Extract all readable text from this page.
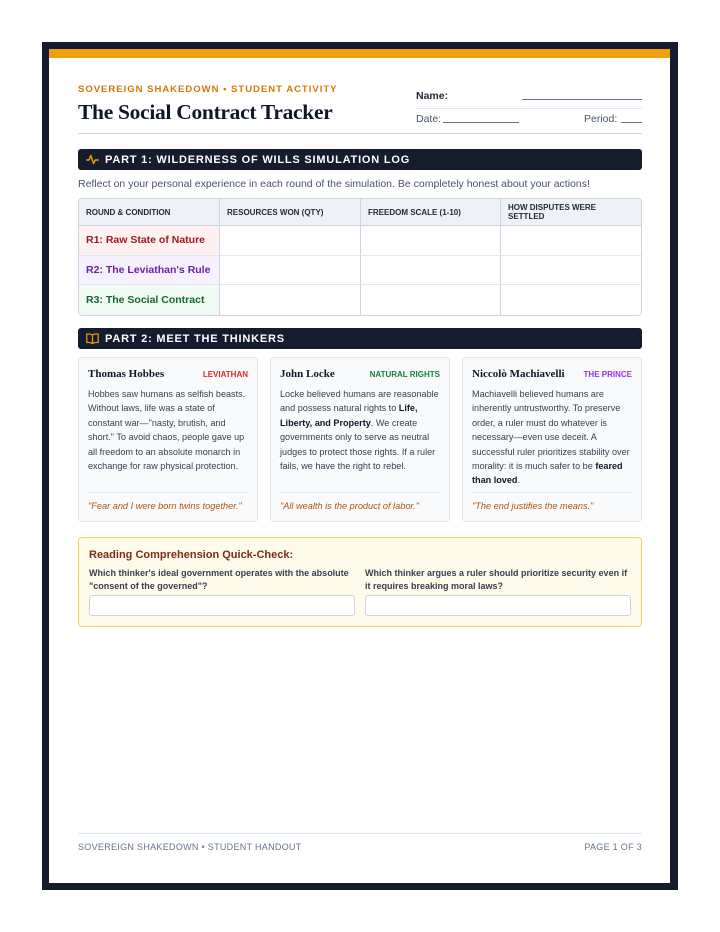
SOVEREIGN SHAKEDOWN • STUDENT ACTIVITY
The Social Contract Tracker
Name:
Date:	Period:
PART 1: WILDERNESS OF WILLS SIMULATION LOG
Reflect on your personal experience in each round of the simulation. Be completely honest about your actions!
ROUND & CONDITION	RESOURCES WON (QTY)	FREEDOM SCALE (1-10)	HOW DISPUTES WERE SETTLED
R1: Raw State of Nature			
R2: The Leviathan's Rule			
R3: The Social Contract			
PART 2: MEET THE THINKERS
Thomas Hobbes	LEVIATHAN
Hobbes saw humans as selfish beasts. Without laws, life was a state of constant war—"nasty, brutish, and short." To avoid chaos, people gave up all freedom to an absolute monarch in exchange for raw physical protection.
"Fear and I were born twins together."
John Locke	NATURAL RIGHTS
Locke believed humans are reasonable and possess natural rights to Life, Liberty, and Property. We create governments only to serve as neutral judges to protect those rights. If a ruler fails, we have the right to rebel.
"All wealth is the product of labor."
Niccolò Machiavelli THE PRINCE
Machiavelli believed humans are inherently untrustworthy. To preserve order, a ruler must do whatever is necessary—even use deceit. A successful ruler prioritizes stability over morality: it is much safer to be feared than loved.
"The end justifies the means."
Reading Comprehension Quick-Check:
Which thinker's ideal government operates with the absolute "consent of the governed"?
Which thinker argues a ruler should prioritize security even if it requires breaking moral laws?
SOVEREIGN SHAKEDOWN • STUDENT HANDOUT	PAGE 1 OF 3
